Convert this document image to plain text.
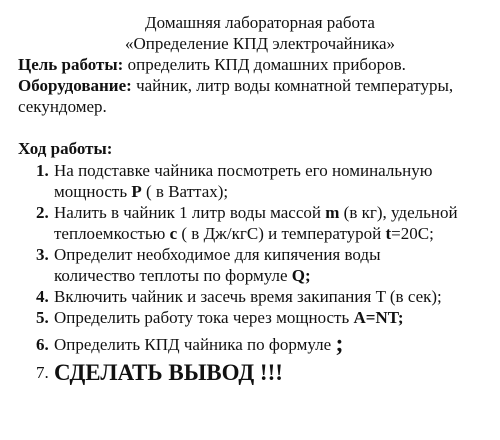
Домашняя лабораторная работа
«Определение КПД электрочайника»
Цель работы: определить КПД домашних приборов.
Оборудование: чайник, литр воды комнатной температуры,
секундомер.
Ход работы:
1. На подставке чайника посмотреть его номинальную
мощность P ( в Ваттах);
2. Налить в чайник 1 литр воды массой m (в кг), удельной
теплоемкостью c ( в Дж/кгС) и температурой t=20С;
3. Определит необходимое для кипячения воды
количество теплоты по формуле Q;
4. Включить чайник и засечь время закипания T (в сек);
5. Определить работу тока через мощность A=NT;
6. Определить КПД чайника по формуле ;
7. СДЕЛАТЬ ВЫВОД !!!
